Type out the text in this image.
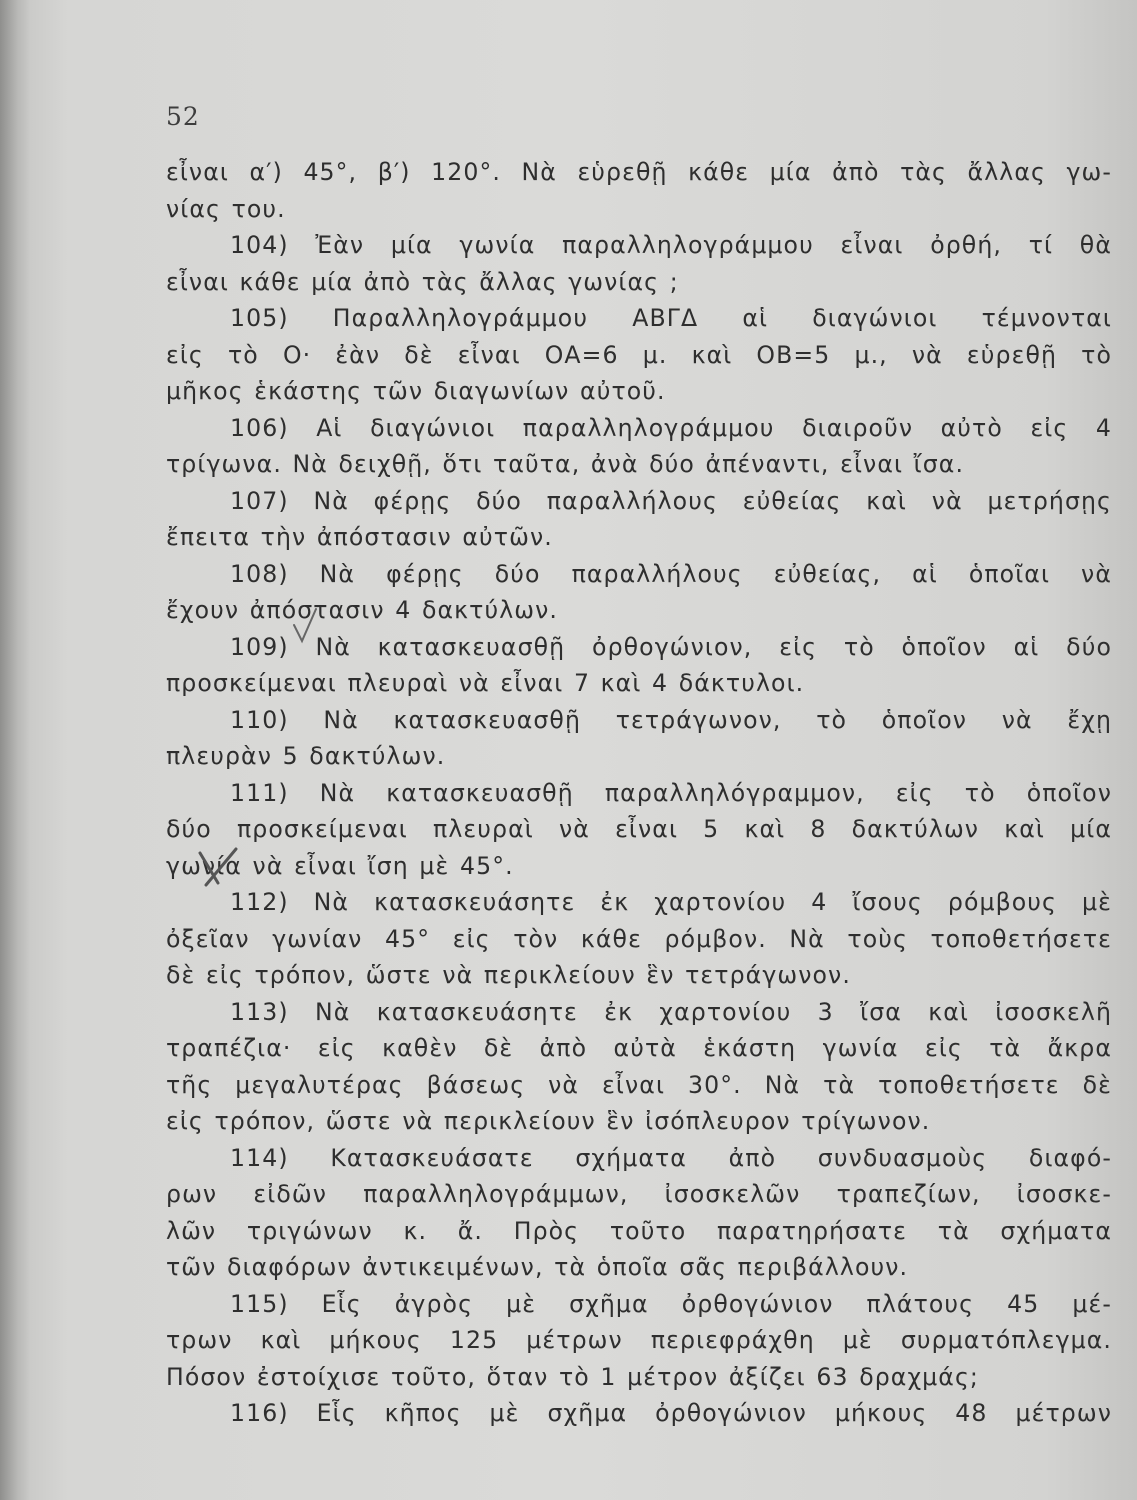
52
εἶναι α′) 45°, β′) 120°. Νὰ εὑρεθῇ κάθε μία ἀπὸ τὰς ἄλλας γω-
νίας του.
104) Ἐὰν μία γωνία παραλληλογράμμου εἶναι ὀρθή, τί θὰ
εἶναι κάθε μία ἀπὸ τὰς ἄλλας γωνίας ;
105) Παραλληλογράμμου ΑΒΓΔ αἱ διαγώνιοι τέμνονται
εἰς τὸ Ο· ἐὰν δὲ εἶναι ΟΑ=6 μ. καὶ ΟΒ=5 μ., νὰ εὑρεθῇ τὸ
μῆκος ἑκάστης τῶν διαγωνίων αὐτοῦ.
106) Αἱ διαγώνιοι παραλληλογράμμου διαιροῦν αὐτὸ εἰς 4
τρίγωνα. Νὰ δειχθῇ, ὅτι ταῦτα, ἀνὰ δύο ἀπέναντι, εἶναι ἴσα.
107) Νὰ φέρῃς δύο παραλλήλους εὐθείας καὶ νὰ μετρήσῃς
ἔπειτα τὴν ἀπόστασιν αὐτῶν.
108) Νὰ φέρῃς δύο παραλλήλους εὐθείας, αἱ ὁποῖαι νὰ
ἔχουν ἀπόστασιν 4 δακτύλων.
109) Νὰ κατασκευασθῇ ὀρθογώνιον, εἰς τὸ ὁποῖον αἱ δύο
προσκείμεναι πλευραὶ νὰ εἶναι 7 καὶ 4 δάκτυλοι.
110) Νὰ κατασκευασθῇ τετράγωνον, τὸ ὁποῖον νὰ ἔχῃ
πλευρὰν 5 δακτύλων.
111) Νὰ κατασκευασθῇ παραλληλόγραμμον, εἰς τὸ ὁποῖον
δύο προσκείμεναι πλευραὶ νὰ εἶναι 5 καὶ 8 δακτύλων καὶ μία
γωνία νὰ εἶναι ἴση μὲ 45°.
112) Νὰ κατασκευάσητε ἐκ χαρτονίου 4 ἴσους ρόμβους μὲ
ὀξεῖαν γωνίαν 45° εἰς τὸν κάθε ρόμβον. Νὰ τοὺς τοποθετήσετε
δὲ εἰς τρόπον, ὥστε νὰ περικλείουν ἓν τετράγωνον.
113) Νὰ κατασκευάσητε ἐκ χαρτονίου 3 ἴσα καὶ ἰσοσκελῆ
τραπέζια· εἰς καθὲν δὲ ἀπὸ αὐτὰ ἑκάστη γωνία εἰς τὰ ἄκρα
τῆς μεγαλυτέρας βάσεως νὰ εἶναι 30°. Νὰ τὰ τοποθετήσετε δὲ
εἰς τρόπον, ὥστε νὰ περικλείουν ἓν ἰσόπλευρον τρίγωνον.
114) Κατασκευάσατε σχήματα ἀπὸ συνδυασμοὺς διαφό-
ρων εἰδῶν παραλληλογράμμων, ἰσοσκελῶν τραπεζίων, ἰσοσκε-
λῶν τριγώνων κ. ἄ. Πρὸς τοῦτο παρατηρήσατε τὰ σχήματα
τῶν διαφόρων ἀντικειμένων, τὰ ὁποῖα σᾶς περιβάλλουν.
115) Εἷς ἀγρὸς μὲ σχῆμα ὀρθογώνιον πλάτους 45 μέ-
τρων καὶ μήκους 125 μέτρων περιεφράχθη μὲ συρματόπλεγμα.
Πόσον ἐστοίχισε τοῦτο, ὅταν τὸ 1 μέτρον ἀξίζει 63 δραχμάς;
116) Εἷς κῆπος μὲ σχῆμα ὀρθογώνιον μήκους 48 μέτρων
